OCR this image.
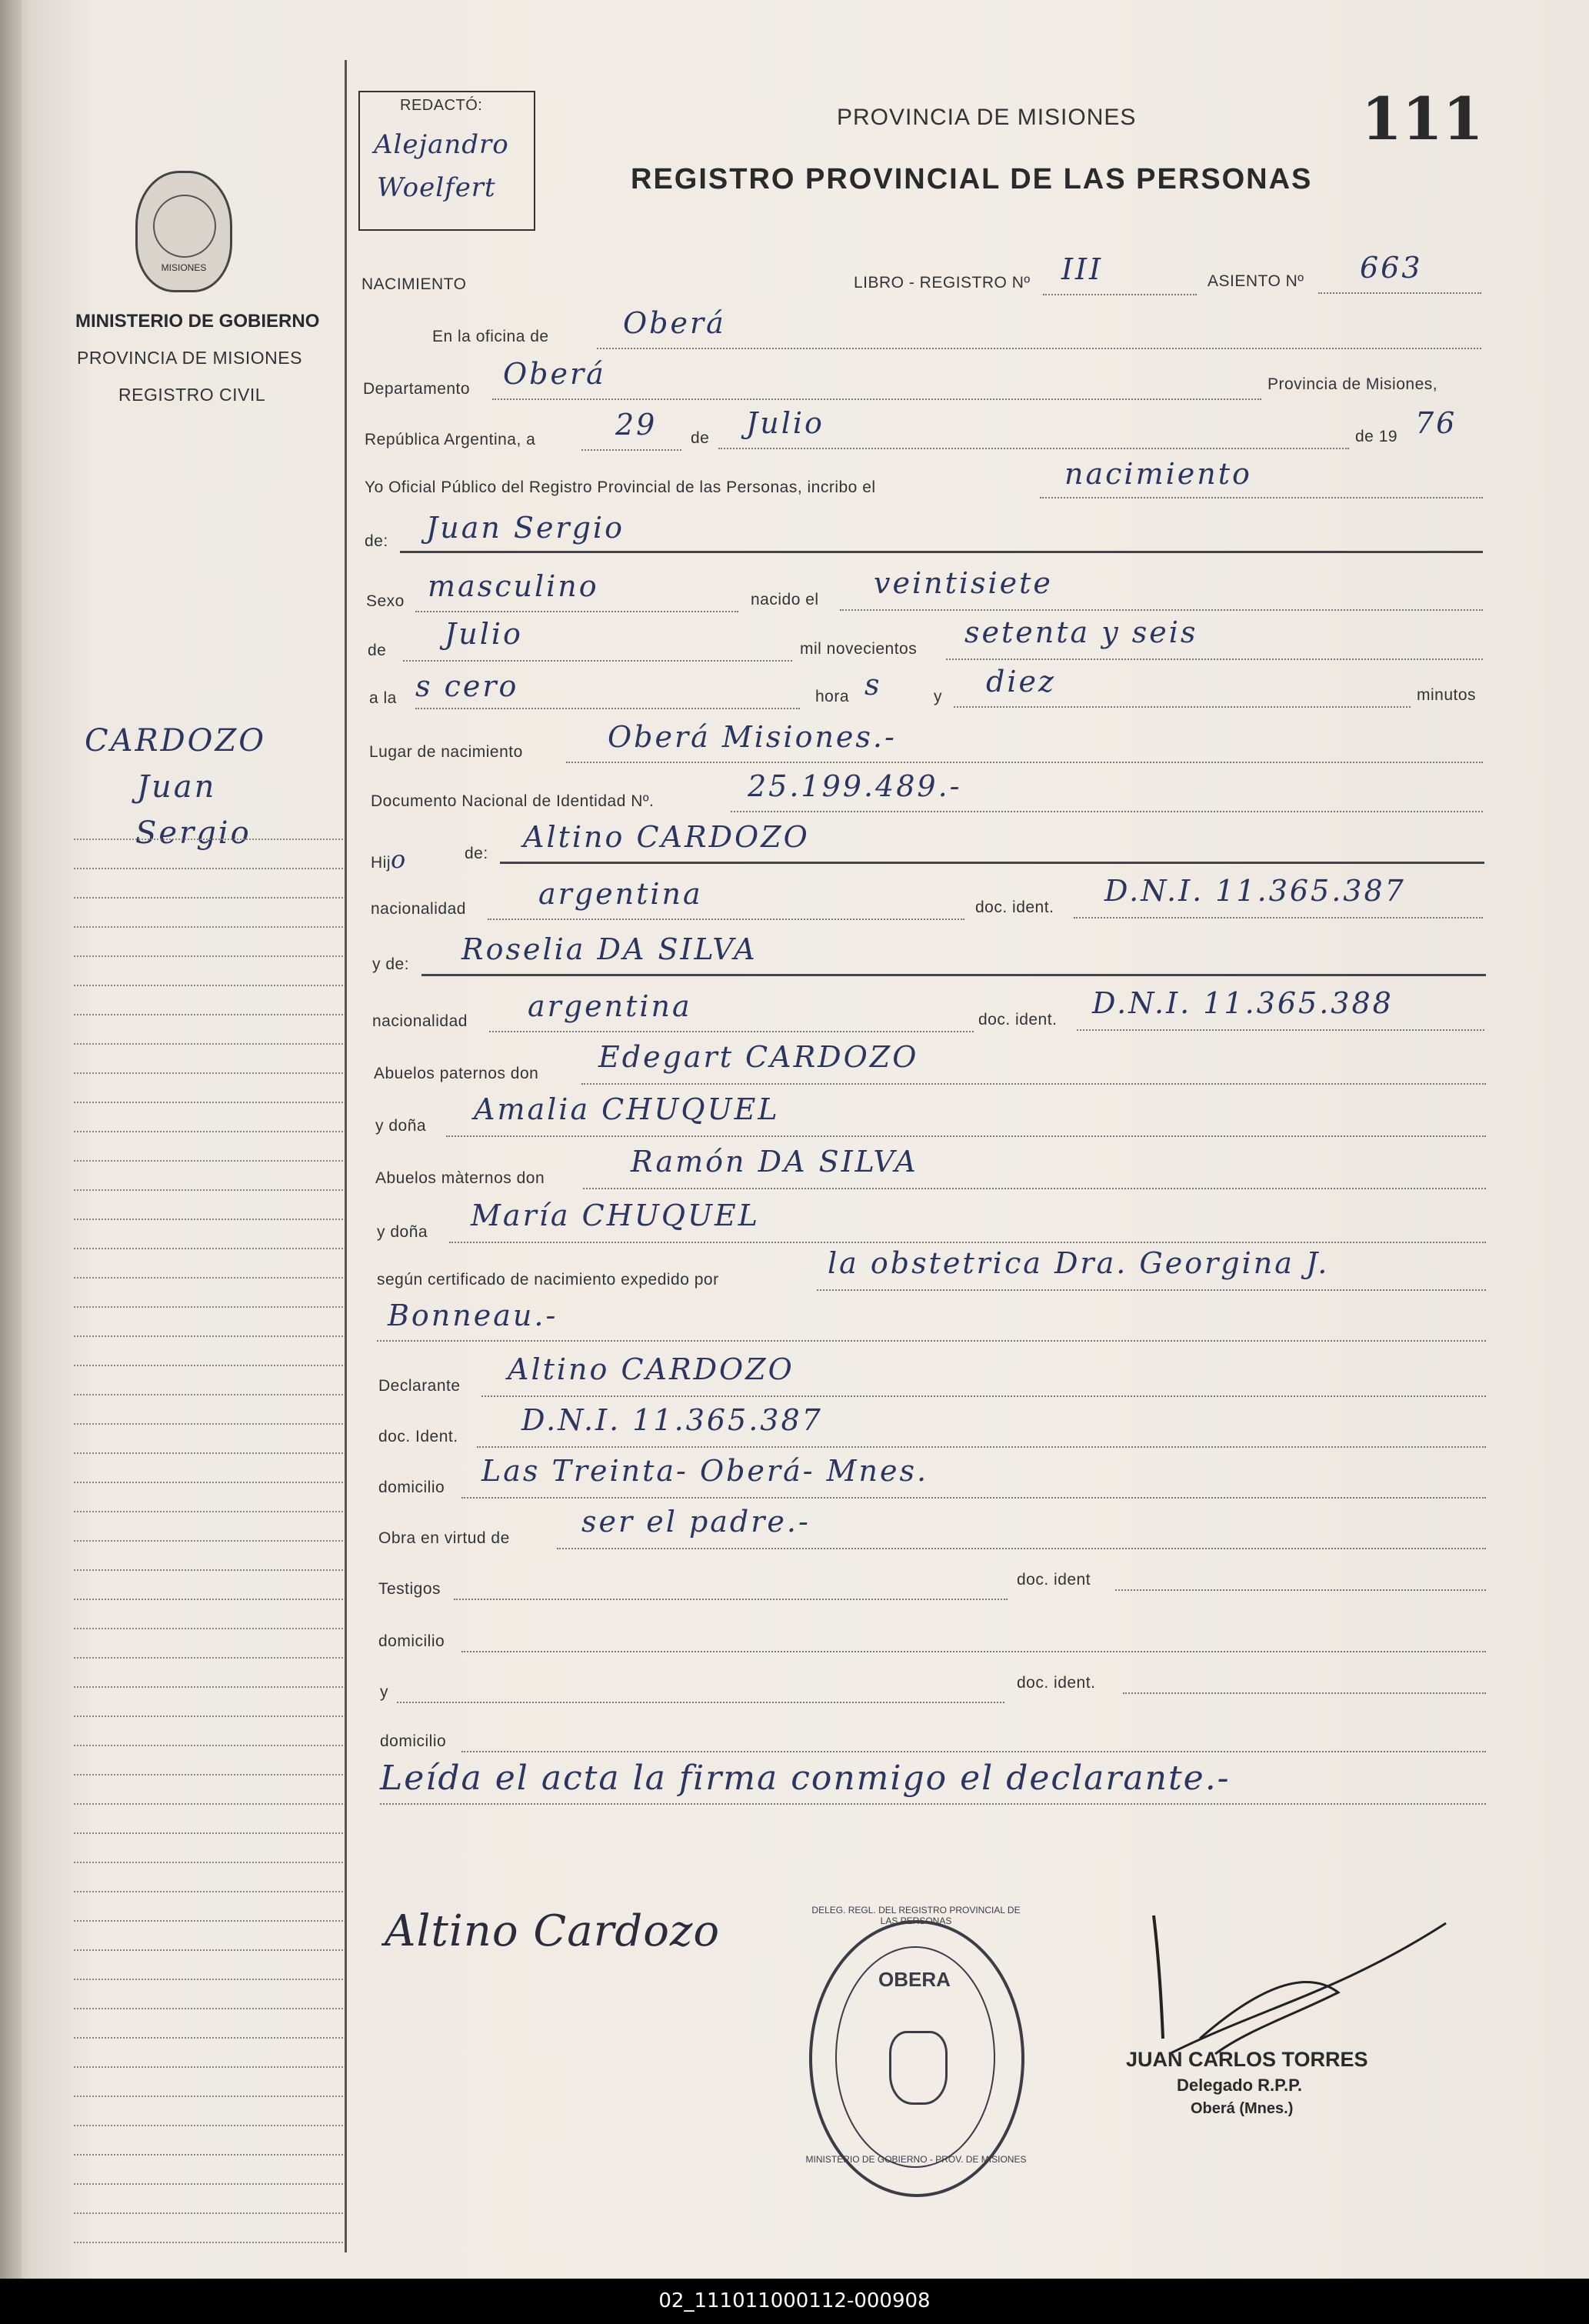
REDACTÓ:
Alejandro
Woelfert
PROVINCIA DE MISIONES
REGISTRO PROVINCIAL DE LAS PERSONAS
111
MISIONES
MINISTERIO DE GOBIERNO
PROVINCIA DE MISIONES
REGISTRO CIVIL
CARDOZO
Juan
Sergio
NACIMIENTO	LIBRO - REGISTRO Nº III	ASIENTO Nº 663
En la oficina de	Oberá
Departamento Oberá	Provincia de Misiones,
República Argentina, a	29 de Julio	de 19 76
Yo Oficial Público del Registro Provincial de las Personas, incribo el	nacimiento
de: Juan Sergio
Sexo masculino	nacido el veintisiete
de Julio	mil novecientos setenta y seis
a la s cero	hora s	y diez	minutos
Lugar de nacimiento	Oberá Misiones.-
Documento Nacional de Identidad Nº.	25.199.489.-
Hijo	de: Altino CARDOZO
nacionalidad argentina	doc. ident. D.N.I. 11.365.387
y de: Roselia DA SILVA
nacionalidad argentina	doc. ident. D.N.I. 11.365.388
Abuelos paternos don Edegart CARDOZO
y doña Amalia CHUQUEL
Abuelos màternos don	Ramón DA SILVA
y doña María CHUQUEL
según certificado de nacimiento expedido por	la obstetrica Dra. Georgina J.
Bonneau.-
Declarante Altino CARDOZO
doc. Ident. D.N.I. 11.365.387
domicilio Las Treinta- Oberá- Mnes.
Obra en virtud de ser el padre.-
Testigos
doc. ident
domicilio
y
doc. ident.
domicilio
Leída el acta la firma conmigo el declarante.-
Altino Cardozo
OBERA
MINISTERIO DE GOBIERNO - PROV. DE MISIONES
DELEG. REGL. DEL REGISTRO PROVINCIAL DE LAS PERSONAS
JUAN CARLOS TORRES
Delegado R.P.P.
Oberá (Mnes.)
02_111011000112-000908
